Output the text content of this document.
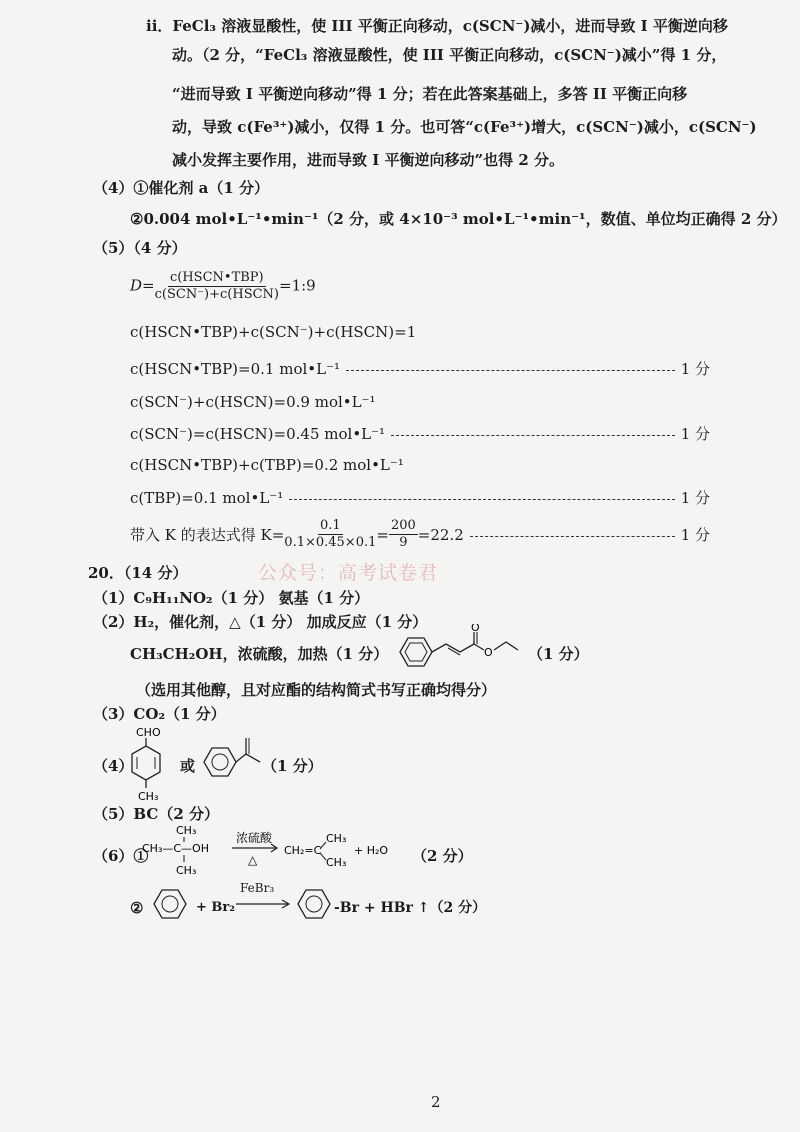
ii．FeCl₃ 溶液显酸性，使 III 平衡正向移动，c(SCN⁻)减小，进而导致 I 平衡逆向移
动。（2 分，“FeCl₃ 溶液显酸性，使 III 平衡正向移动，c(SCN⁻)减小”得 1 分，
“进而导致 I 平衡逆向移动”得 1 分；若在此答案基础上，多答 II 平衡正向移
动，导致 c(Fe³⁺)减小，仅得 1 分。也可答“c(Fe³⁺)增大，c(SCN⁻)减小，c(SCN⁻)
减小发挥主要作用，进而导致 I 平衡逆向移动”也得 2 分。
（4）①催化剂 a（1 分）
②0.004 mol•L⁻¹•min⁻¹（2 分，或 4×10⁻³ mol•L⁻¹•min⁻¹，数值、单位均正确得 2 分）
（5）（4 分）
$D= \frac{\text{c(HSCN•TBP)}}{\text{c(SCN⁻)+c(HSCN)}}$ =1:9
c(HSCN•TBP)+c(SCN⁻)+c(HSCN)=1
c(HSCN•TBP)=0.1 mol•L⁻¹	1 分
c(SCN⁻)+c(HSCN)=0.9 mol•L⁻¹
c(SCN⁻)=c(HSCN)=0.45 mol•L⁻¹	1 分
c(HSCN•TBP)+c(TBP)=0.2 mol•L⁻¹
c(TBP)=0.1 mol•L⁻¹	1 分
带入 K 的表达式得 $K= \frac{0.1}{0.1\times 0.45\times 0.1} = \frac{200}{9} =22.2$	1 分
公众号：高考试卷君
20．（14 分）
（1）C₉H₁₁NO₂（1 分） 氨基（1 分）
（2）H₂，催化剂，△（1 分） 加成反应（1 分）
CH₃CH₂OH，浓硫酸，加热（1 分）
O
O （1 分）
（选用其他醇，且对应酯的结构简式书写正确均得分）
（3）CO₂（1 分）
（4）
CHO
CH₃
或	（1 分）
（5）BC（2 分）
（6）①
CH₃—C—OH
CH₃
CH₃
浓硫酸
△
CH₂=C
CH₃
CH₃
+ H₂O （2 分）
②	+ Br₂
FeBr₃
-Br + HBr ↑（2 分）
2
